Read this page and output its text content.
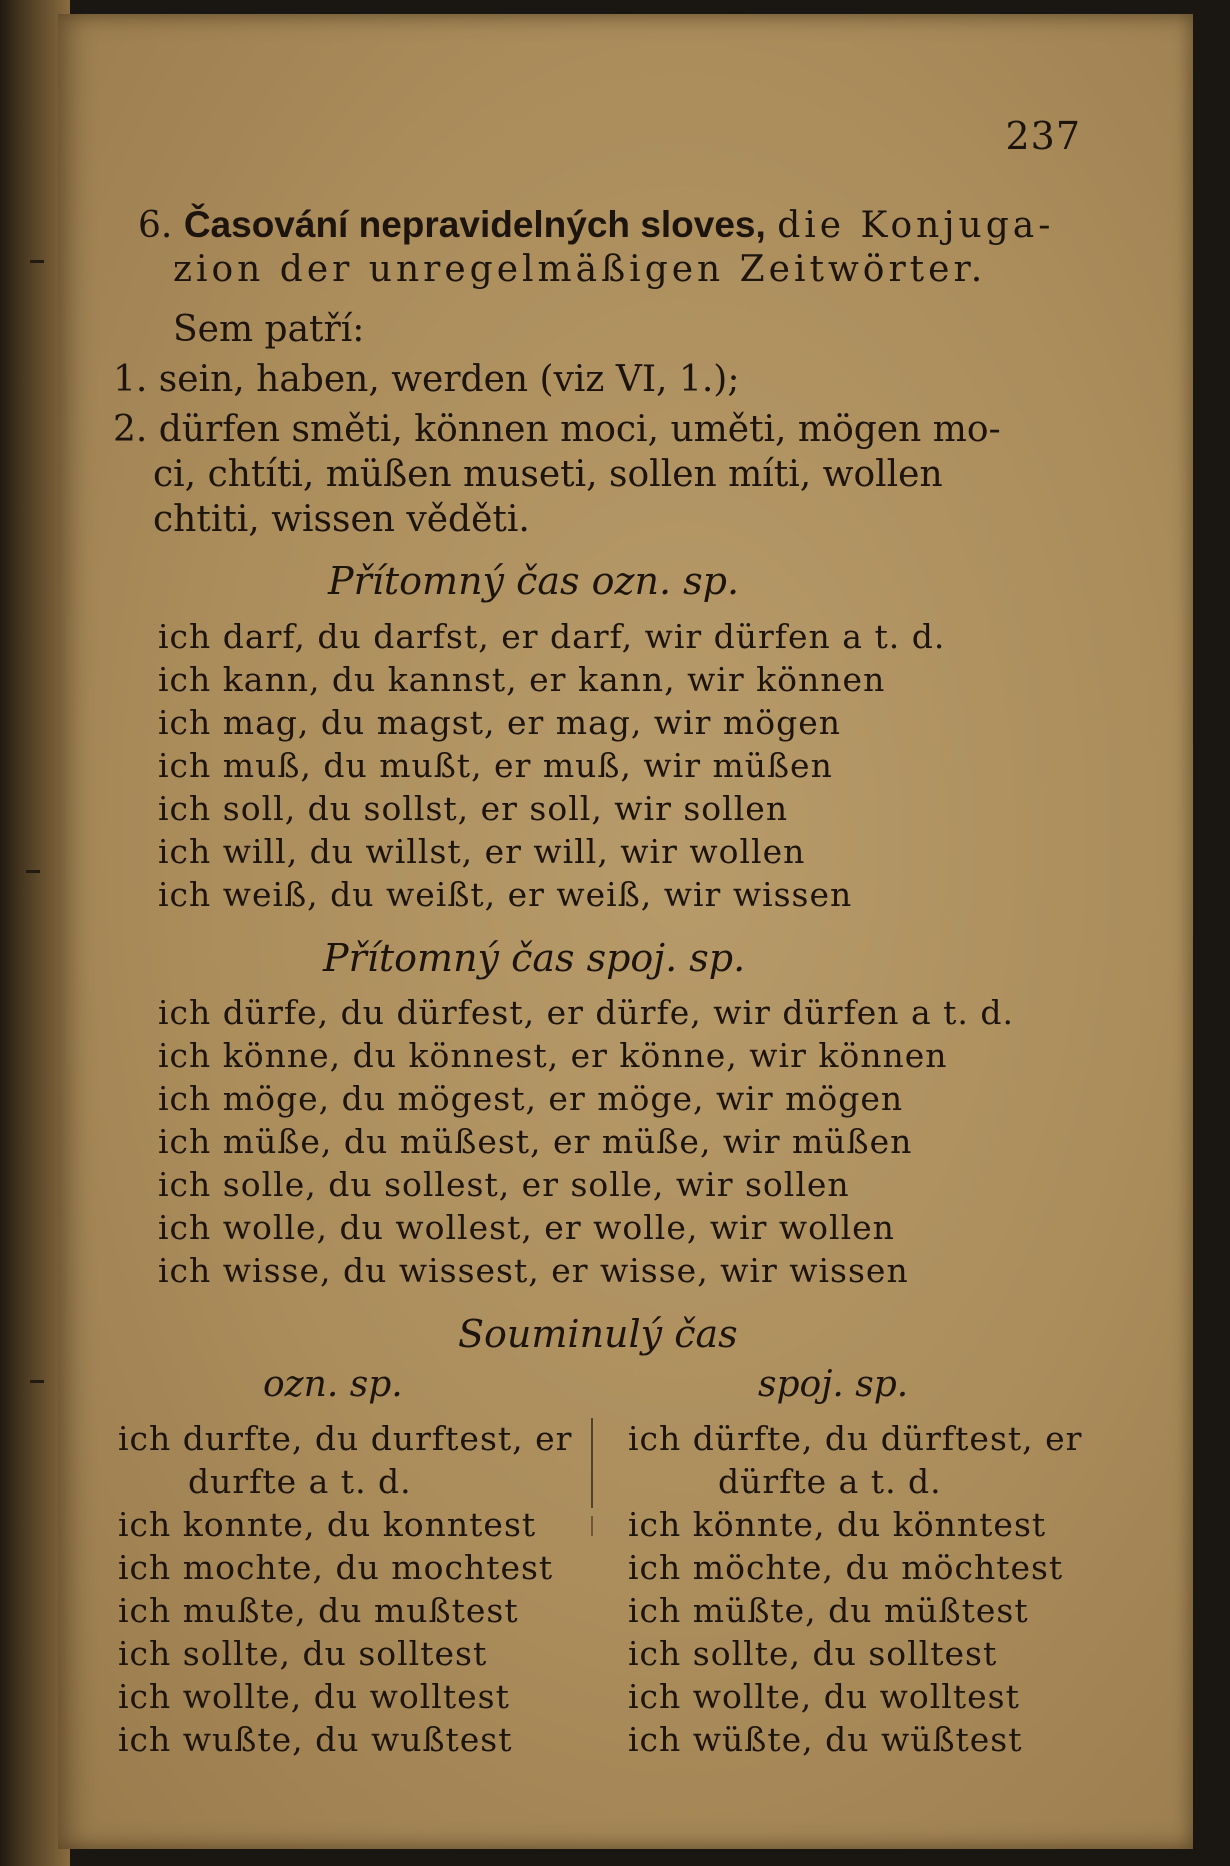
237
6. Časování nepravidelných sloves, die Konjuga-
zion der unregelmäßigen Zeitwörter.
Sem patří:
1. sein, haben, werden (viz VI, 1.);
2. dürfen směti, können moci, uměti, mögen mo-
ci, chtíti, müßen museti, sollen míti, wollen
chtiti, wissen věděti.
Přítomný čas ozn. sp.
ich darf, du darfst, er darf, wir dürfen a t. d.
ich kann, du kannst, er kann, wir können
ich mag, du magst, er mag, wir mögen
ich muß, du mußt, er muß, wir müßen
ich soll, du sollst, er soll, wir sollen
ich will, du willst, er will, wir wollen
ich weiß, du weißt, er weiß, wir wissen
Přítomný čas spoj. sp.
ich dürfe, du dürfest, er dürfe, wir dürfen a t. d.
ich könne, du könnest, er könne, wir können
ich möge, du mögest, er möge, wir mögen
ich müße, du müßest, er müße, wir müßen
ich solle, du sollest, er solle, wir sollen
ich wolle, du wollest, er wolle, wir wollen
ich wisse, du wissest, er wisse, wir wissen
Souminulý čas
ozn. sp.	spoj. sp.
ich durfte, du durftest, er
durfte a t. d.
ich konnte, du konntest
ich mochte, du mochtest
ich mußte, du mußtest
ich sollte, du solltest
ich wollte, du wolltest
ich wußte, du wußtest
ich dürfte, du dürftest, er
dürfte a t. d.
ich könnte, du könntest
ich möchte, du möchtest
ich müßte, du müßtest
ich sollte, du solltest
ich wollte, du wolltest
ich wüßte, du wüßtest
